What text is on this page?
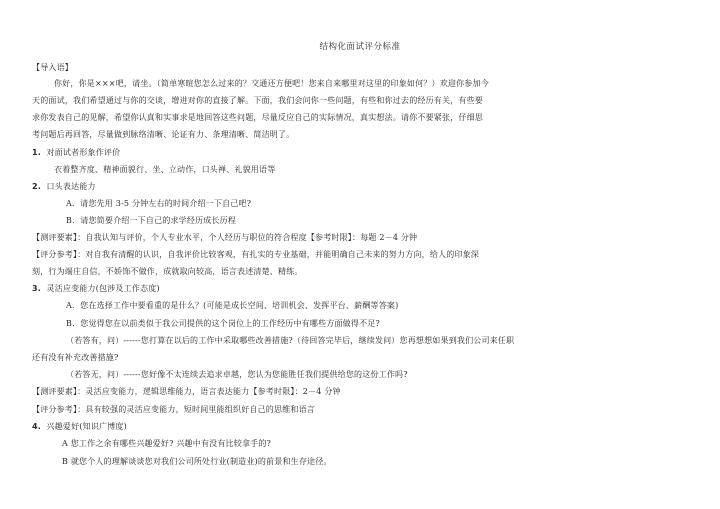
结构化面试评分标准
【导入语】
你好，你是×××吧，请坐。（简单寒暄您怎么过来的？交通还方便吧！您来自来哪里对这里的印象如何？）欢迎你参加今
天的面试，我们希望通过与你的交谈，增进对你的直接了解。下面，我们会问你一些问题，有些和你过去的经历有关，有些要
求你发表自己的见解，希望你认真和实事求是地回答这些问题，尽量反应自己的实际情况，真实想法。请你不要紧张，仔细思
考问题后再回答，尽量做到脉络清晰、论证有力、条理清晰、简洁明了。
1. 对面试者形象作评价
衣着整齐度、精神面貌行、坐、立动作，口头禅、礼貌用语等
2. 口头表达能力
A．请您先用 3-5 分钟左右的时间介绍一下自己吧?
B．请您简要介绍一下自己的求学经历成长历程
【测评要素】：自我认知与评价，个人专业水平，个人经历与职位的符合程度【参考时限】：每题 2－4 分钟
【评分参考】：对自我有清醒的认识，自我评价比较客观，有扎实的专业基础，并能明确自己未来的努力方向，给人的印象深
刻，行为端庄自信，不娇饰不做作，成就取向较高，语言表述清楚、精练。
3. 灵活应变能力(包涉及工作态度)
A．您在选择工作中要看重的是什么？(可能是成长空间、培训机会、发挥平台、薪酬等答案)
B．您觉得您在以前类似于我公司提供的这个岗位上的工作经历中有哪些方面做得不足?
（若答有，问）------您打算在以后的工作中采取哪些改善措施?（待回答完毕后，继续发问）您再想想如果到我们公司来任职
还有没有补充改善措施?
（若答无，问）------您好像不太连续去追求卓越，您认为您能胜任我们提供给您的这份工作吗?
【测评要素】：灵活应变能力，逻辑思维能力，语言表达能力【参考时限】：2－4 分钟
【评分参考】：具有较强的灵活应变能力，短时间里能组织好自己的思维和语言
4. 兴趣爱好(知识广博度)
A 您工作之余有哪些兴趣爱好? 兴趣中有没有比较拿手的?
B 就您个人的理解谈谈您对我们公司所处行业(制造业)的前景和生存途径。
